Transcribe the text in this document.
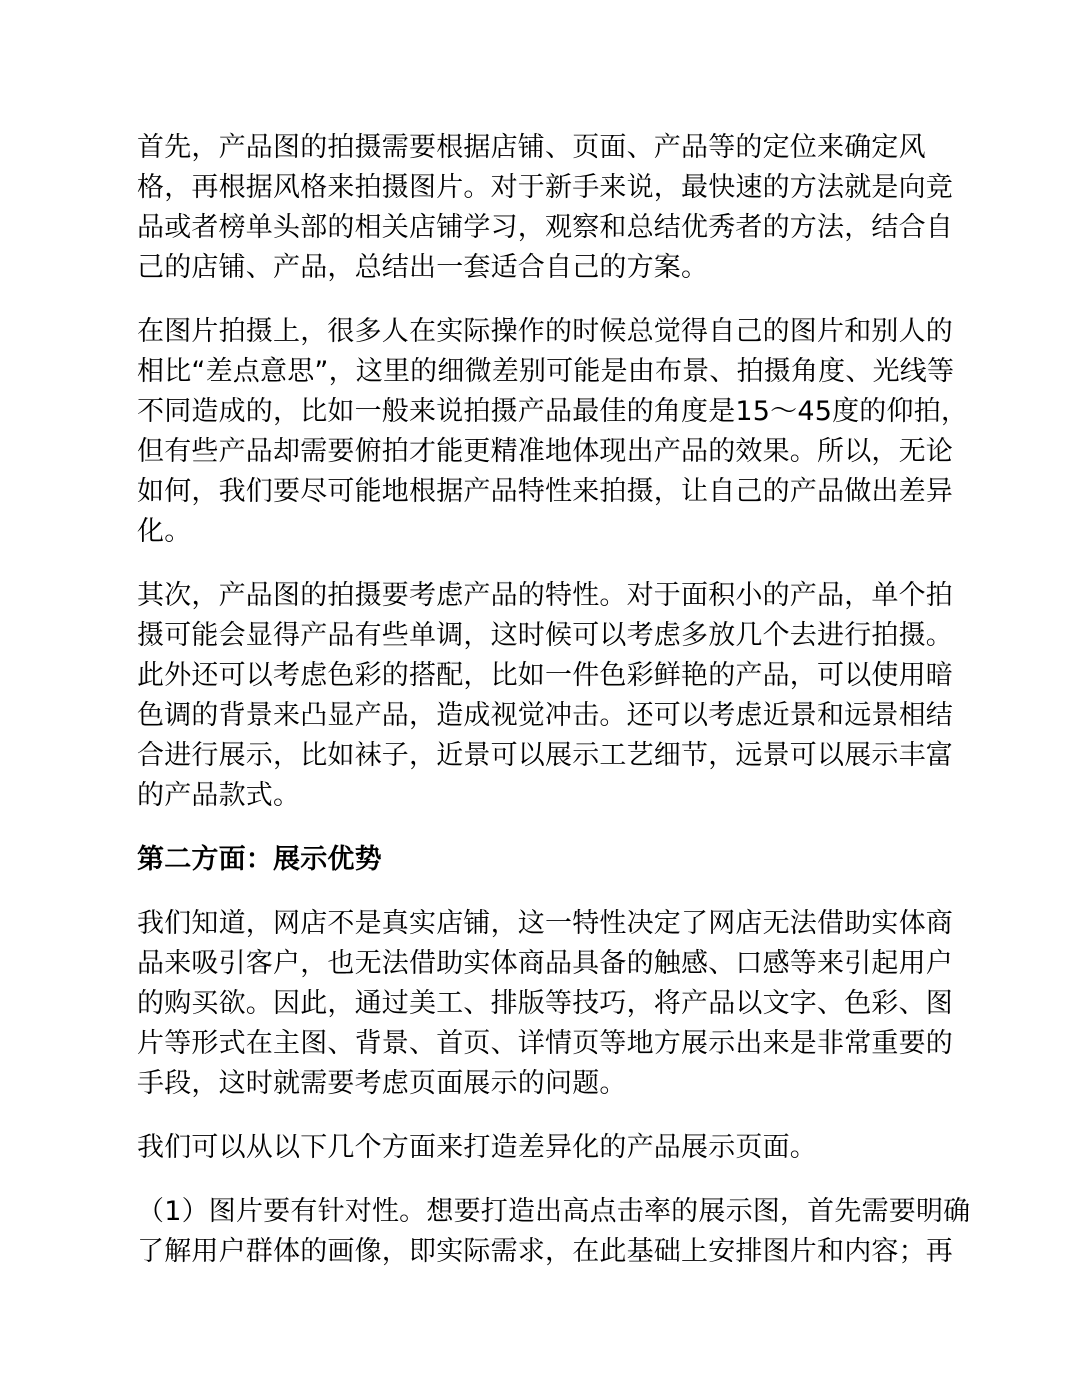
首先，产品图的拍摄需要根据店铺、页面、产品等的定位来确定风
格，再根据风格来拍摄图片。对于新手来说，最快速的方法就是向竞
品或者榜单头部的相关店铺学习，观察和总结优秀者的方法，结合自
己的店铺、产品，总结出一套适合自己的方案。
在图片拍摄上，很多人在实际操作的时候总觉得自己的图片和别人的
相比“差点意思”，这里的细微差别可能是由布景、拍摄角度、光线等
不同造成的，比如一般来说拍摄产品最佳的角度是15～45度的仰拍，
但有些产品却需要俯拍才能更精准地体现出产品的效果。所以，无论
如何，我们要尽可能地根据产品特性来拍摄，让自己的产品做出差异
化。
其次，产品图的拍摄要考虑产品的特性。对于面积小的产品，单个拍
摄可能会显得产品有些单调，这时候可以考虑多放几个去进行拍摄。
此外还可以考虑色彩的搭配，比如一件色彩鲜艳的产品，可以使用暗
色调的背景来凸显产品，造成视觉冲击。还可以考虑近景和远景相结
合进行展示，比如袜子，近景可以展示工艺细节，远景可以展示丰富
的产品款式。
第二方面：展示优势
我们知道，网店不是真实店铺，这一特性决定了网店无法借助实体商
品来吸引客户，也无法借助实体商品具备的触感、口感等来引起用户
的购买欲。因此，通过美工、排版等技巧，将产品以文字、色彩、图
片等形式在主图、背景、首页、详情页等地方展示出来是非常重要的
手段，这时就需要考虑页面展示的问题。
我们可以从以下几个方面来打造差异化的产品展示页面。
（1）图片要有针对性。想要打造出高点击率的展示图，首先需要明确
了解用户群体的画像，即实际需求，在此基础上安排图片和内容；再
